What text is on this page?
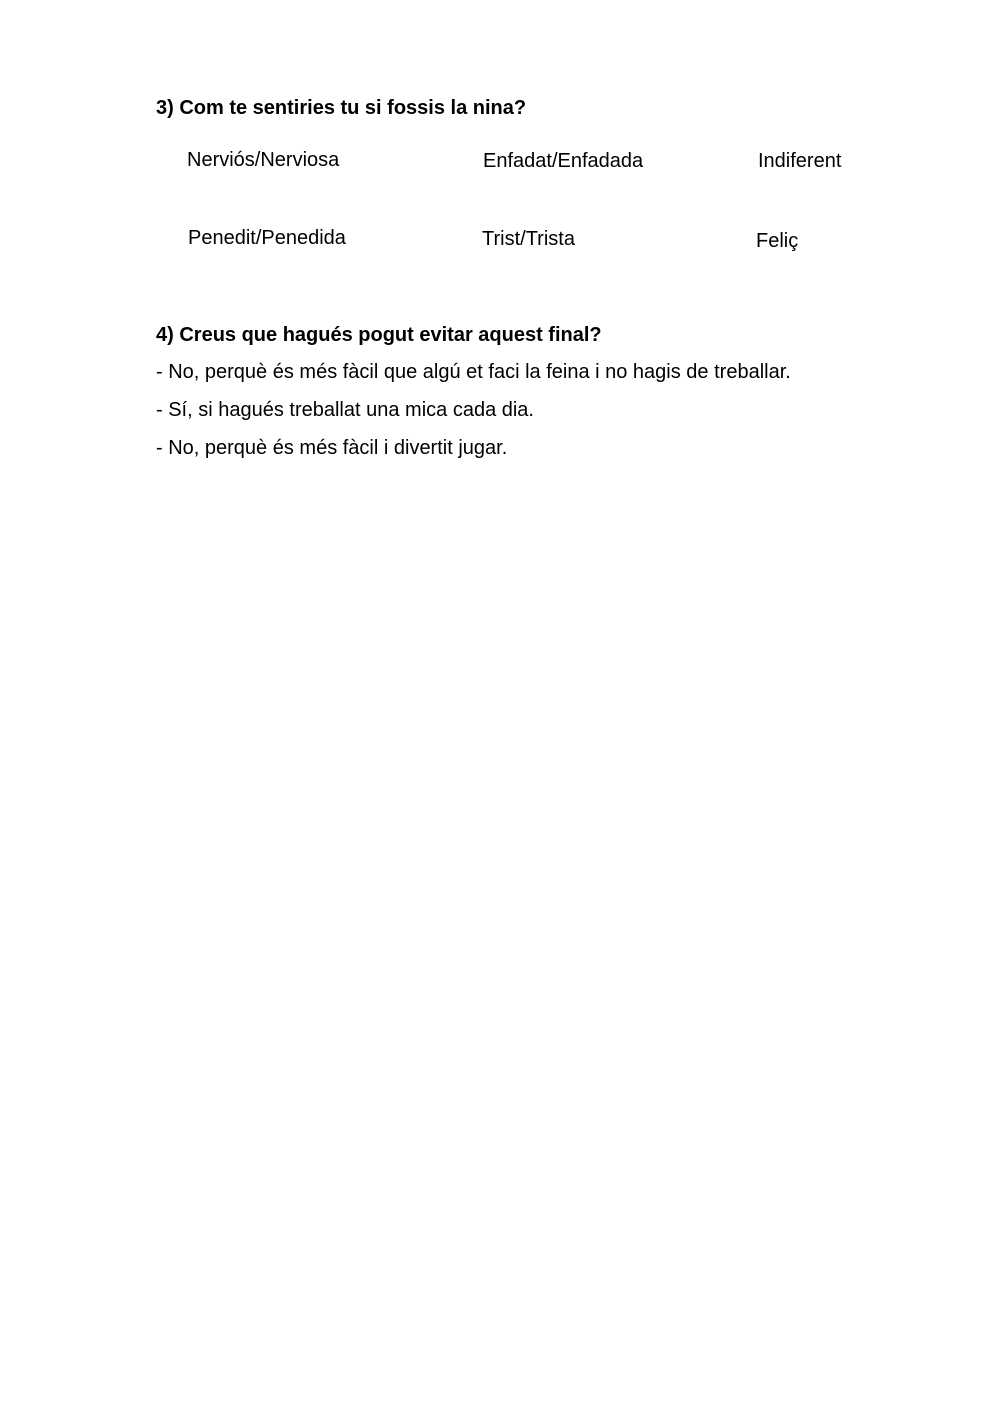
3) Com te sentiries tu si fossis la nina?
Nerviós/Nerviosa	Enfadat/Enfadada	Indiferent
Penedit/Penedida	Trist/Trista	Feliç
4) Creus que hagués pogut evitar aquest final?
- No, perquè és més fàcil que algú et faci la feina i no hagis de treballar.
- Sí, si hagués treballat una mica cada dia.
- No, perquè és més fàcil i divertit jugar.
